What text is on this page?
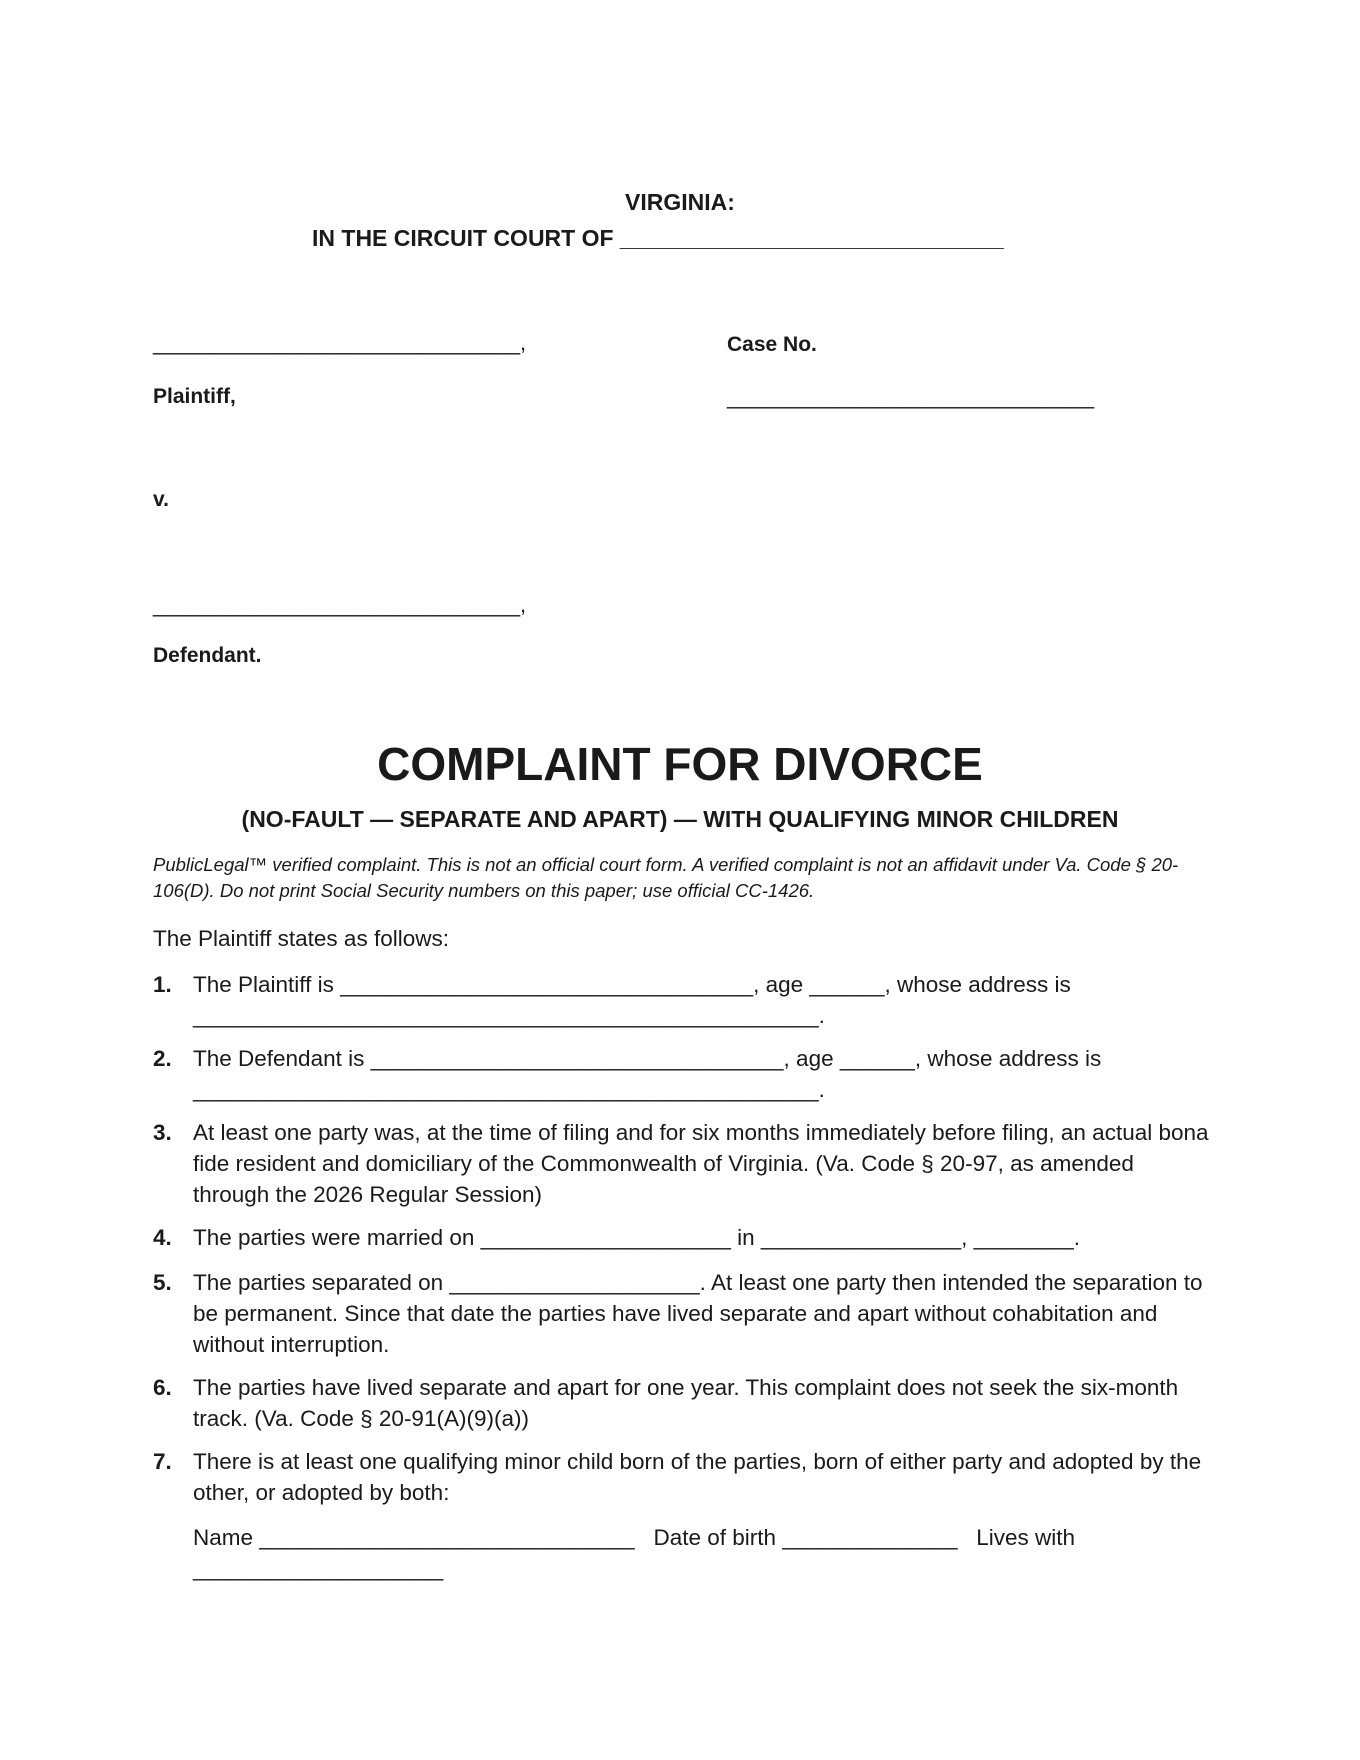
VIRGINIA:
IN THE CIRCUIT COURT OF ______________________________
______________________________,
Plaintiff,
v.
______________________________,
Defendant.
Case No.
______________________________
COMPLAINT FOR DIVORCE
(NO-FAULT — SEPARATE AND APART) — WITH QUALIFYING MINOR CHILDREN
PublicLegal™ verified complaint. This is not an official court form. A verified complaint is not an affidavit under Va. Code § 20-106(D). Do not print Social Security numbers on this paper; use official CC-1426.
The Plaintiff states as follows:
1. The Plaintiff is _________________________________, age ______, whose address is __________________________________________________.
2. The Defendant is _________________________________, age ______, whose address is __________________________________________________.
3. At least one party was, at the time of filing and for six months immediately before filing, an actual bona fide resident and domiciliary of the Commonwealth of Virginia. (Va. Code § 20-97, as amended through the 2026 Regular Session)
4. The parties were married on ____________________ in ________________, ________.
5. The parties separated on ____________________. At least one party then intended the separation to be permanent. Since that date the parties have lived separate and apart without cohabitation and without interruption.
6. The parties have lived separate and apart for one year. This complaint does not seek the six-month track. (Va. Code § 20-91(A)(9)(a))
7. There is at least one qualifying minor child born of the parties, born of either party and adopted by the other, or adopted by both:
Name ______________________________ Date of birth ______________ Lives with ____________________
